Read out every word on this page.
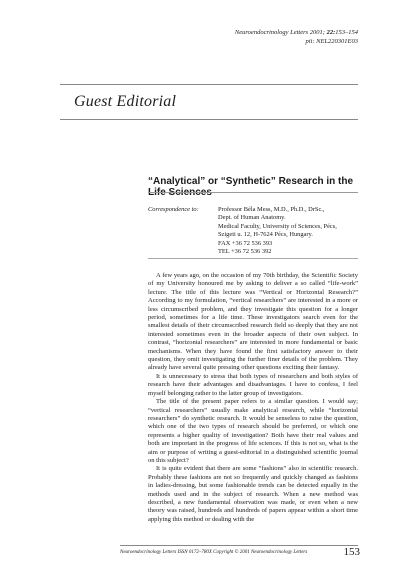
Neuroendocrinology Letters 2001; 22:153–154

pii: NEL220301E03

Guest Editorial
“Analytical” or “Synthetic” Research in the Life Sciences
Correspondence to:	Professor Béla Mess, M.D., Ph.D., DrSc.,
Dept. of Human Anatomy.
Medical Faculty, University of Sciences, Pécs,
Szigeti u. 12, H-7624 Pécs, Hungary.
FAX +36 72 536 393
TEL +36 72 536 392

A few years ago, on the occasion of my 70th birthday, the Scientific Society of my University honoured me by asking to deliver a so called “life-work” lecture. The title of this lecture was “Vertical or Horizontal Research?” According to my formulation, “vertical researchers” are interested in a more or less circumscribed problem, and they investigate this question for a longer period, sometimes for a life time. These investigators search even for the smallest details of their circumscribed research field so deeply that they are not interested sometimes even in the broader aspects of their own subject. In contrast, “horizontal researchers” are interested in more fundamental or basic mechanisms. When they have found the first satisfactory answer to their question, they omit investigating the further finer details of the problem. They already have several quite pressing other questions exciting their fantasy.

It is unnecessary to stress that both types of researchers and both styles of research have their advantages and disadvantages. I have to confess, I feel myself belonging rather to the latter group of investigators.

The title of the present paper refers to a similar question. I would say; “vertical researchers” usually make analytical research, while “horizontal researchers” do synthetic research. It would be senseless to raise the question, which one of the two types of research should be preferred, or which one represents a higher quality of investigation? Both have their real values and both are important in the progress of life sciences. If this is not so, what is the aim or purpose of writing a guest-editorial in a distinguished scientific journal on this subject?

It is quite evident that there are some “fashions” also in scientific research. Probably these fashions are not so frequently and quickly changed as fashions in ladies-dressing, but some fashionable trends can be detected equally in the methods used and in the subject of research. When a new method was described, a new fundamental observation was made, or even when a new theory was raised, hundreds and hundreds of papers appear within a short time applying this method or dealing with the

Neuroendocrinology Letters ISSN 0172–780X Copyright © 2001 Neuroendocrinology Letters	153
